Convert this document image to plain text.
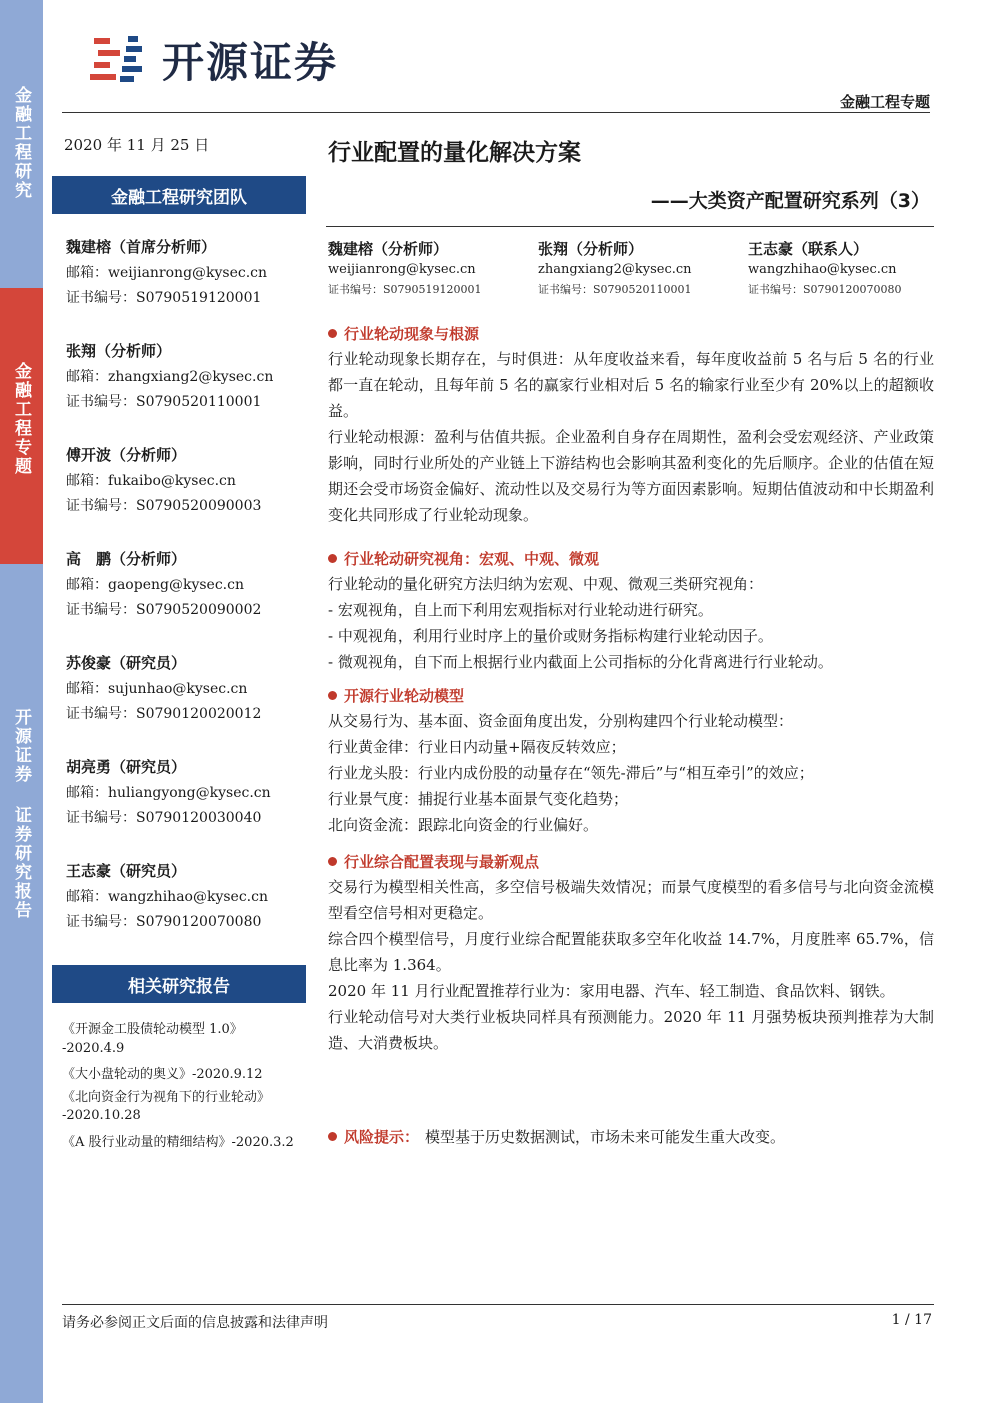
金融工程研究
金融工程专题
开源证券 证券研究报告
开源证券
金融工程专题
2020 年 11 月 25 日
金融工程研究团队
魏建榕（首席分析师）
邮箱：weijianrong@kysec.cn
证书编号：S0790519120001
张翔（分析师）
邮箱：zhangxiang2@kysec.cn
证书编号：S0790520110001
傅开波（分析师）
邮箱：fukaibo@kysec.cn
证书编号：S0790520090003
高　鹏（分析师）
邮箱：gaopeng@kysec.cn
证书编号：S0790520090002
苏俊豪（研究员）
邮箱：sujunhao@kysec.cn
证书编号：S0790120020012
胡亮勇（研究员）
邮箱：huliangyong@kysec.cn
证书编号：S0790120030040
王志豪（研究员）
邮箱：wangzhihao@kysec.cn
证书编号：S0790120070080
相关研究报告
《开源金工股债轮动模型 1.0》
-2020.4.9
《大小盘轮动的奥义》-2020.9.12
《北向资金行为视角下的行业轮动》
-2020.10.28
《A 股行业动量的精细结构》-2020.3.2
行业配置的量化解决方案
——大类资产配置研究系列（3）
魏建榕（分析师）
weijianrong@kysec.cn
证书编号：S0790519120001
张翔（分析师）
zhangxiang2@kysec.cn
证书编号：S0790520110001
王志豪（联系人）
wangzhihao@kysec.cn
证书编号：S0790120070080
行业轮动现象与根源

行业轮动现象长期存在，与时俱进：从年度收益来看，每年度收益前 5 名与后 5 名的行业都一直在轮动，且每年前 5 名的赢家行业相对后 5 名的输家行业至少有 20%以上的超额收益。

行业轮动根源：盈利与估值共振。企业盈利自身存在周期性，盈利会受宏观经济、产业政策影响，同时行业所处的产业链上下游结构也会影响其盈利变化的先后顺序。企业的估值在短期还会受市场资金偏好、流动性以及交易行为等方面因素影响。短期估值波动和中长期盈利变化共同形成了行业轮动现象。

行业轮动研究视角：宏观、中观、微观

行业轮动的量化研究方法归纳为宏观、中观、微观三类研究视角：

- 宏观视角，自上而下利用宏观指标对行业轮动进行研究。

- 中观视角，利用行业时序上的量价或财务指标构建行业轮动因子。

- 微观视角，自下而上根据行业内截面上公司指标的分化背离进行行业轮动。

开源行业轮动模型

从交易行为、基本面、资金面角度出发，分别构建四个行业轮动模型：

行业黄金律：行业日内动量+隔夜反转效应；

行业龙头股：行业内成份股的动量存在“领先-滞后”与“相互牵引”的效应；

行业景气度：捕捉行业基本面景气变化趋势；

北向资金流：跟踪北向资金的行业偏好。

行业综合配置表现与最新观点

交易行为模型相关性高，多空信号极端失效情况；而景气度模型的看多信号与北向资金流模型看空信号相对更稳定。

综合四个模型信号，月度行业综合配置能获取多空年化收益 14.7%，月度胜率 65.7%，信息比率为 1.364。

2020 年 11 月行业配置推荐行业为：家用电器、汽车、轻工制造、食品饮料、钢铁。

行业轮动信号对大类行业板块同样具有预测能力。2020 年 11 月强势板块预判推荐为大制造、大消费板块。

风险提示： 模型基于历史数据测试，市场未来可能发生重大改变。
请务必参阅正文后面的信息披露和法律声明	1 / 17
